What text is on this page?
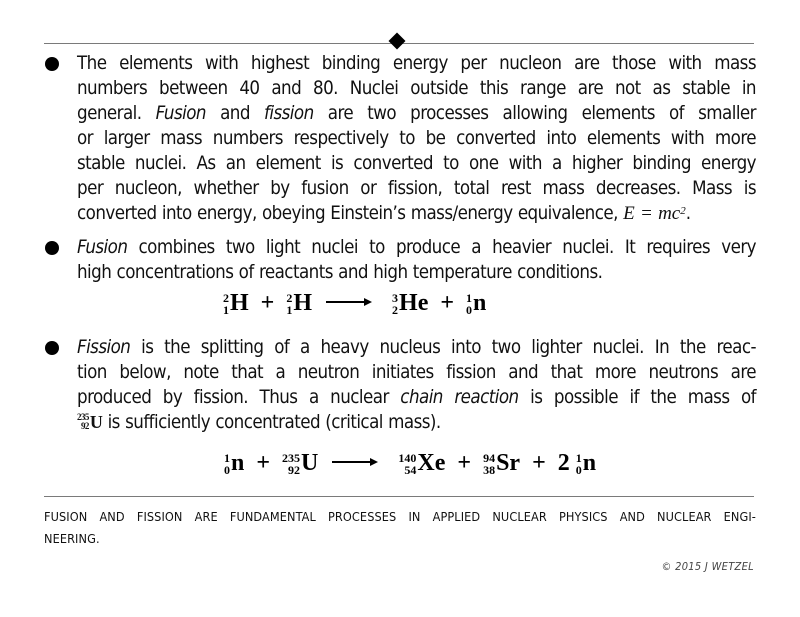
The elements with highest binding energy per nucleon are those with mass
numbers between 40 and 80. Nuclei outside this range are not as stable in
general. Fusion and fission are two processes allowing elements of smaller
or larger mass numbers respectively to be converted into elements with more
stable nuclei. As an element is converted to one with a higher binding energy
per nucleon, whether by fusion or fission, total rest mass decreases. Mass is
converted into energy, obeying Einstein’s mass/energy equivalence, $E = mc^2$.
Fusion combines two light nuclei to produce a heavier nuclei. It requires very
high concentrations of reactants and high temperature conditions.
2
1 H + 2
1 H → 3
2 He + 1
0 n
Fission is the splitting of a heavy nucleus into two lighter nuclei. In the reac-
tion below, note that a neutron initiates fission and that more neutrons are
produced by fission. Thus a nuclear chain reaction is possible if the mass of
235
92 U is sufficiently concentrated (critical mass).
1
0 n + 235
92 U → 140
54 Xe + 94
38 Sr + 2 1
0 n
FUSION AND FISSION ARE FUNDAMENTAL PROCESSES IN APPLIED NUCLEAR PHYSICS AND NUCLEAR ENGI-
NEERING.
© 2015 J WETZEL
